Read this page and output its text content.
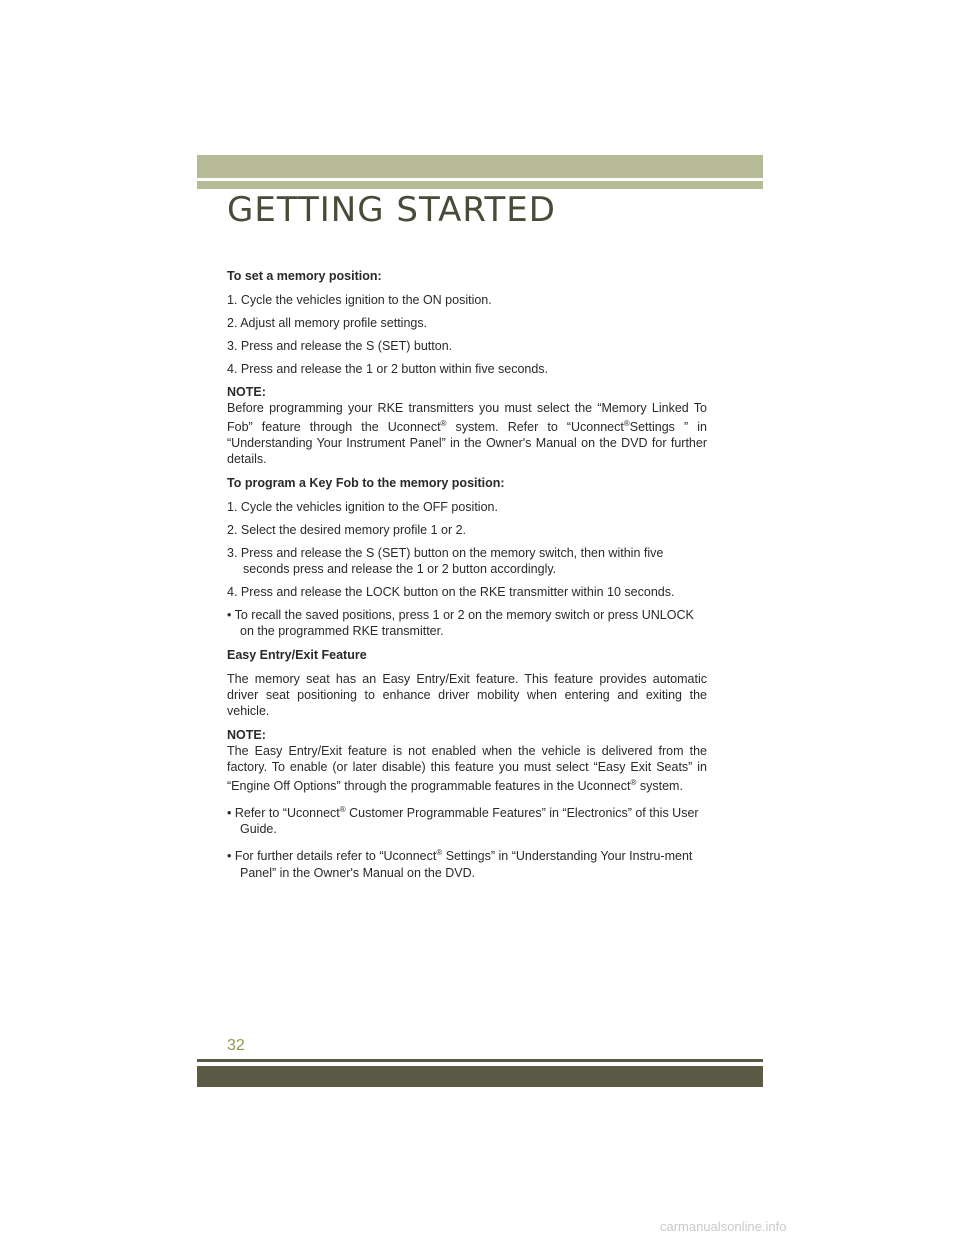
GETTING STARTED

To set a memory position:

1. Cycle the vehicles ignition to the ON position.

2. Adjust all memory profile settings.

3. Press and release the S (SET) button.

4. Press and release the 1 or 2 button within five seconds.

NOTE:

Before programming your RKE transmitters you must select the “Memory Linked To Fob” feature through the Uconnect® system. Refer to “Uconnect®Settings ” in “Understanding Your Instrument Panel” in the Owner's Manual on the DVD for further details.

To program a Key Fob to the memory position:

1. Cycle the vehicles ignition to the OFF position.

2. Select the desired memory profile 1 or 2.

3. Press and release the S (SET) button on the memory switch, then within five seconds press and release the 1 or 2 button accordingly.

4. Press and release the LOCK button on the RKE transmitter within 10 seconds.

• To recall the saved positions, press 1 or 2 on the memory switch or press UNLOCK on the programmed RKE transmitter.

Easy Entry/Exit Feature

The memory seat has an Easy Entry/Exit feature. This feature provides automatic driver seat positioning to enhance driver mobility when entering and exiting the vehicle.

NOTE:

The Easy Entry/Exit feature is not enabled when the vehicle is delivered from the factory. To enable (or later disable) this feature you must select “Easy Exit Seats” in “Engine Off Options” through the programmable features in the Uconnect® system.

• Refer to “Uconnect® Customer Programmable Features” in “Electronics” of this User Guide.

• For further details refer to “Uconnect® Settings” in “Understanding Your Instru-ment Panel” in the Owner's Manual on the DVD.

32
carmanualsonline.info
